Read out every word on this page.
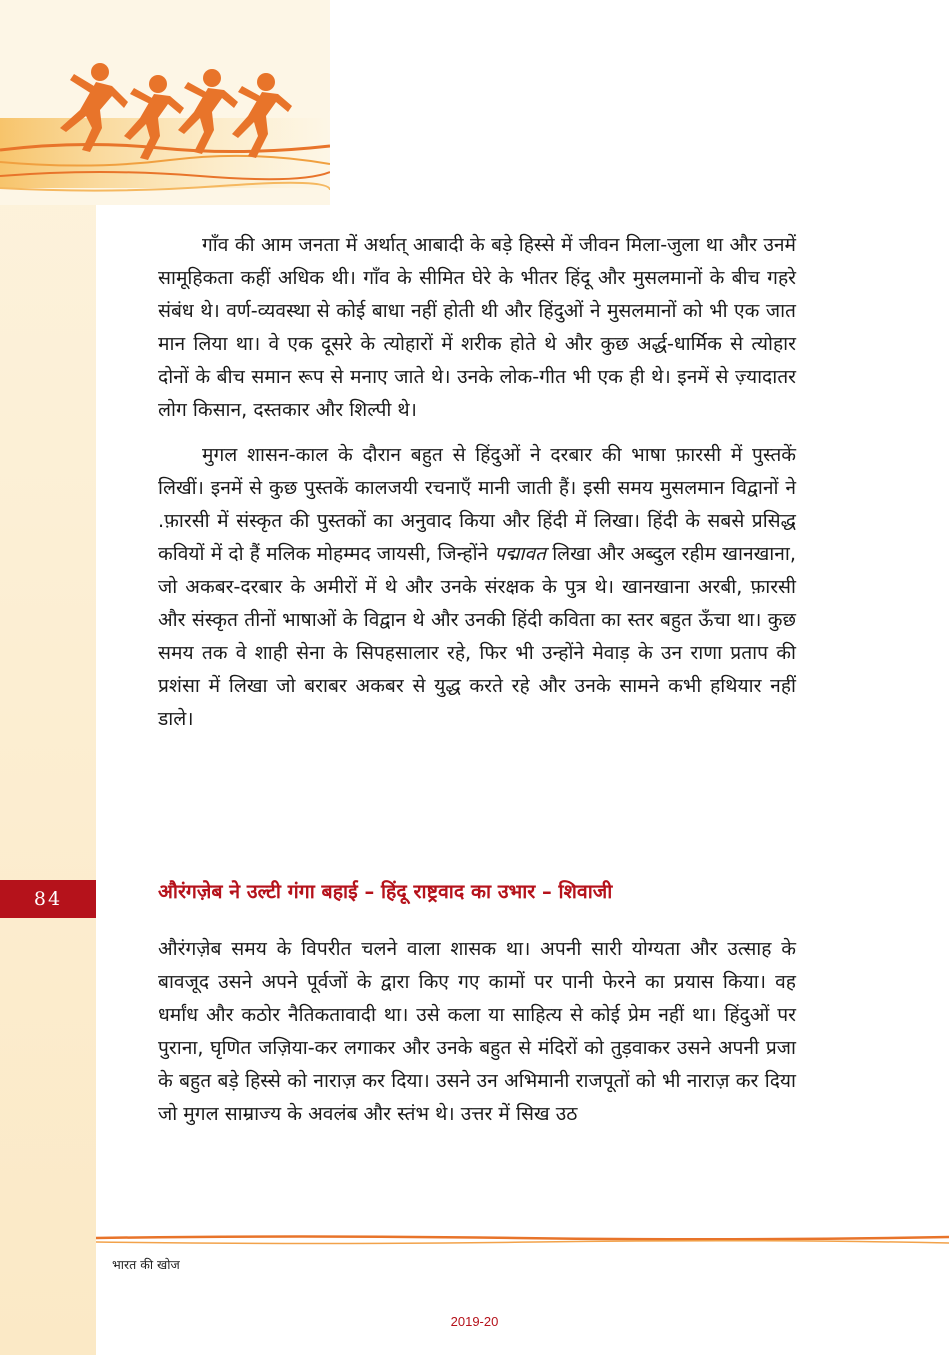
गाँव की आम जनता में अर्थात् आबादी के बड़े हिस्से में जीवन मिला-जुला था और उनमें सामूहिकता कहीं अधिक थी। गाँव के सीमित घेरे के भीतर हिंदू और मुसलमानों के बीच गहरे संबंध थे। वर्ण-व्यवस्था से कोई बाधा नहीं होती थी और हिंदुओं ने मुसलमानों को भी एक जात मान लिया था। वे एक दूसरे के त्योहारों में शरीक होते थे और कुछ अर्द्ध-धार्मिक से त्योहार दोनों के बीच समान रूप से मनाए जाते थे। उनके लोक-गीत भी एक ही थे। इनमें से ज़्यादातर लोग किसान, दस्तकार और शिल्पी थे।

मुगल शासन-काल के दौरान बहुत से हिंदुओं ने दरबार की भाषा फ़ारसी में पुस्तकें लिखीं। इनमें से कुछ पुस्तकें कालजयी रचनाएँ मानी जाती हैं। इसी समय मुसलमान विद्वानों ने .फ़ारसी में संस्कृत की पुस्तकों का अनुवाद किया और हिंदी में लिखा। हिंदी के सबसे प्रसिद्ध कवियों में दो हैं मलिक मोहम्मद जायसी, जिन्होंने पद्मावत लिखा और अब्दुल रहीम खानखाना, जो अकबर-दरबार के अमीरों में थे और उनके संरक्षक के पुत्र थे। खानखाना अरबी, फ़ारसी और संस्कृत तीनों भाषाओं के विद्वान थे और उनकी हिंदी कविता का स्तर बहुत ऊँचा था। कुछ समय तक वे शाही सेना के सिपहसालार रहे, फिर भी उन्होंने मेवाड़ के उन राणा प्रताप की प्रशंसा में लिखा जो बराबर अकबर से युद्ध करते रहे और उनके सामने कभी हथियार नहीं डाले।

84	औरंगज़ेब ने उल्टी गंगा बहाई – हिंदू राष्ट्रवाद का उभार – शिवाजी

औरंगज़ेब समय के विपरीत चलने वाला शासक था। अपनी सारी योग्यता और उत्साह के बावजूद उसने अपने पूर्वजों के द्वारा किए गए कामों पर पानी फेरने का प्रयास किया। वह धर्मांध और कठोर नैतिकतावादी था। उसे कला या साहित्य से कोई प्रेम नहीं था। हिंदुओं पर पुराना, घृणित जज़िया-कर लगाकर और उनके बहुत से मंदिरों को तुड़वाकर उसने अपनी प्रजा के बहुत बड़े हिस्से को नाराज़ कर दिया। उसने उन अभिमानी राजपूतों को भी नाराज़ कर दिया जो मुगल साम्राज्य के अवलंब और स्तंभ थे। उत्तर में सिख उठ

भारत की खोज
2019-20
